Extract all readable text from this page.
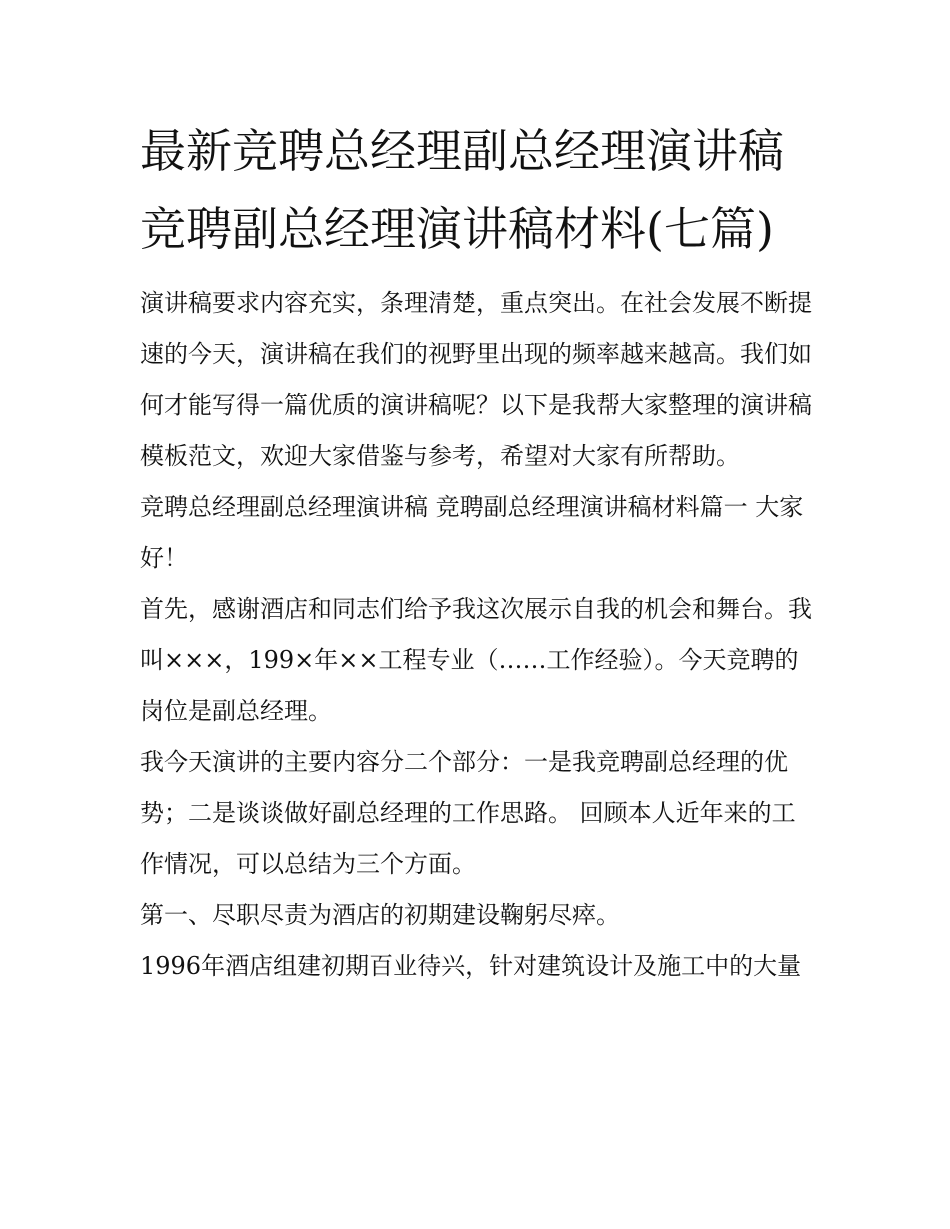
最新竞聘总经理副总经理演讲稿 竞聘副总经理演讲稿材料(七篇)

演讲稿要求内容充实，条理清楚，重点突出。在社会发展不断提速的今天，演讲稿在我们的视野里出现的频率越来越高。我们如何才能写得一篇优质的演讲稿呢？以下是我帮大家整理的演讲稿模板范文，欢迎大家借鉴与参考，希望对大家有所帮助。

竞聘总经理副总经理演讲稿 竞聘副总经理演讲稿材料篇一 大家好！

首先，感谢酒店和同志们给予我这次展示自我的机会和舞台。我叫×××，199×年××工程专业（……工作经验）。今天竞聘的岗位是副总经理。

我今天演讲的主要内容分二个部分：一是我竞聘副总经理的优势；二是谈谈做好副总经理的工作思路。 回顾本人近年来的工作情况，可以总结为三个方面。

第一、尽职尽责为酒店的初期建设鞠躬尽瘁。

1996年酒店组建初期百业待兴，针对建筑设计及施工中的大量
